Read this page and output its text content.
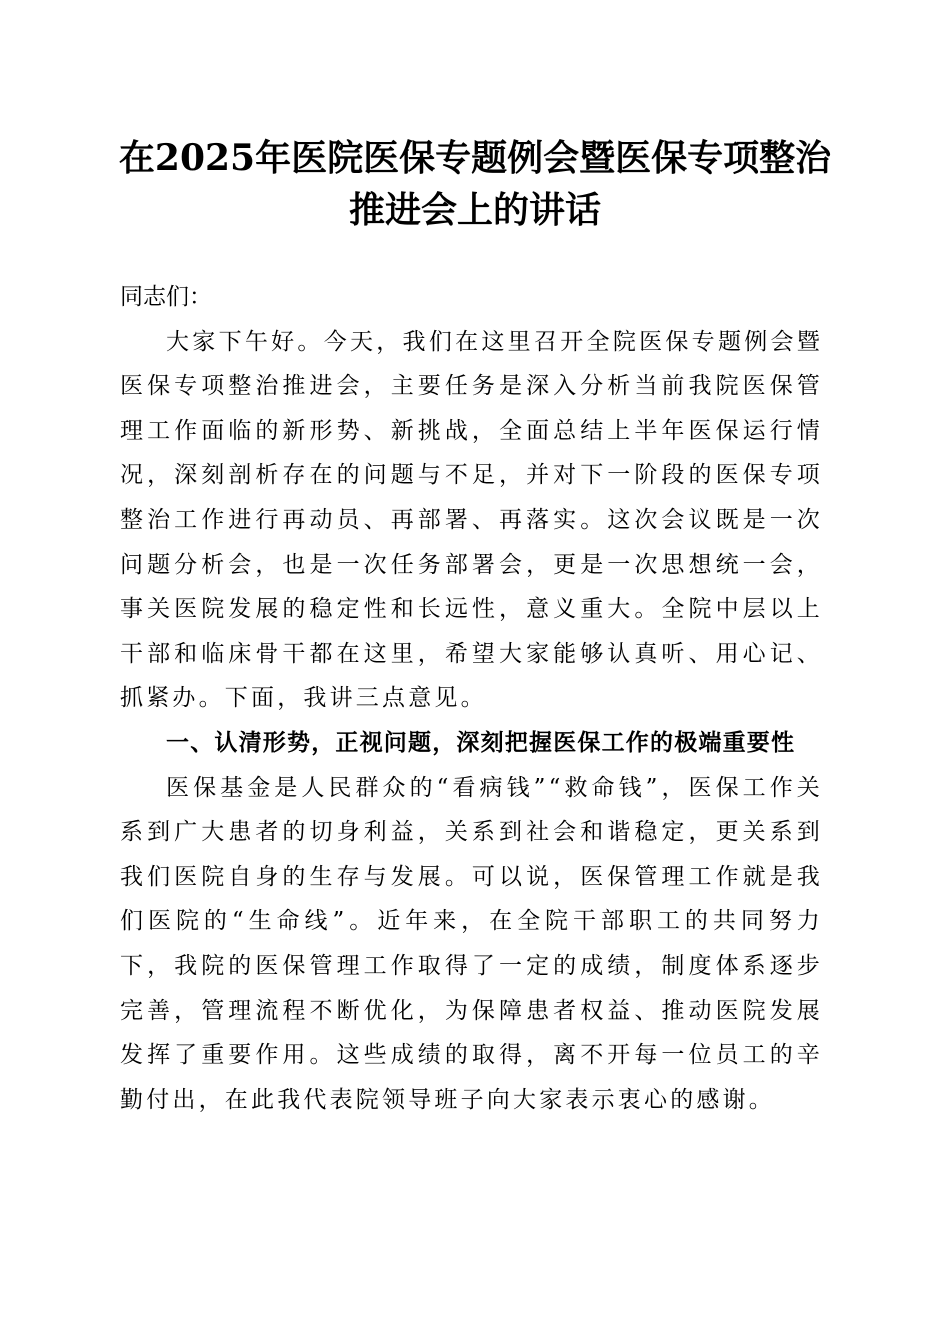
在2025年医院医保专题例会暨医保专项整治
推进会上的讲话

同志们：

大家下午好。今天，我们在这里召开全院医保专题例会暨医保专项整治推进会，主要任务是深入分析当前我院医保管理工作面临的新形势、新挑战，全面总结上半年医保运行情况，深刻剖析存在的问题与不足，并对下一阶段的医保专项整治工作进行再动员、再部署、再落实。这次会议既是一次问题分析会，也是一次任务部署会，更是一次思想统一会，事关医院发展的稳定性和长远性，意义重大。全院中层以上干部和临床骨干都在这里，希望大家能够认真听、用心记、抓紧办。下面，我讲三点意见。

一、认清形势，正视问题，深刻把握医保工作的极端重要性

医保基金是人民群众的“看病钱”“救命钱”，医保工作关系到广大患者的切身利益，关系到社会和谐稳定，更关系到我们医院自身的生存与发展。可以说，医保管理工作就是我们医院的“生命线”。近年来，在全院干部职工的共同努力下，我院的医保管理工作取得了一定的成绩，制度体系逐步完善，管理流程不断优化，为保障患者权益、推动医院发展发挥了重要作用。这些成绩的取得，离不开每一位员工的辛勤付出，在此我代表院领导班子向大家表示衷心的感谢。
